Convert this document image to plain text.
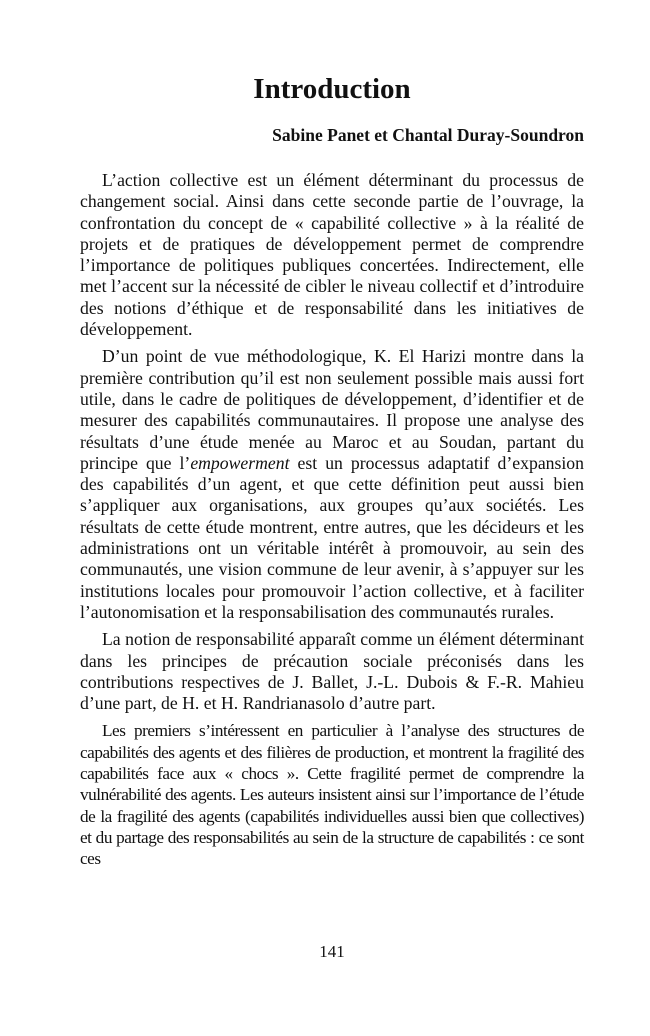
Introduction

Sabine Panet et Chantal Duray-Soundron

L’action collective est un élément déterminant du processus de changement social. Ainsi dans cette seconde partie de l’ouvrage, la confrontation du concept de « capabilité collective » à la réalité de projets et de pratiques de développement permet de comprendre l’importance de politiques publiques concertées. Indirectement, elle met l’accent sur la nécessité de cibler le niveau collectif et d’introduire des notions d’éthique et de responsabilité dans les initiatives de développement.

D’un point de vue méthodologique, K. El Harizi montre dans la première contribution qu’il est non seulement possible mais aussi fort utile, dans le cadre de politiques de développement, d’identifier et de mesurer des capabilités communautaires. Il propose une analyse des résultats d’une étude menée au Maroc et au Soudan, partant du principe que l’empowerment est un processus adaptatif d’expansion des capabilités d’un agent, et que cette définition peut aussi bien s’appliquer aux organisations, aux groupes qu’aux sociétés. Les résultats de cette étude montrent, entre autres, que les décideurs et les administrations ont un véritable intérêt à promouvoir, au sein des communautés, une vision commune de leur avenir, à s’appuyer sur les institutions locales pour promouvoir l’action collective, et à faciliter l’autonomisation et la responsabilisation des communautés rurales.

La notion de responsabilité apparaît comme un élément déterminant dans les principes de précaution sociale préconisés dans les contributions respectives de J. Ballet, J.-L. Dubois & F.-R. Mahieu d’une part, de H. et H. Randrianasolo d’autre part.

Les premiers s’intéressent en particulier à l’analyse des structures de capabilités des agents et des filières de production, et montrent la fragilité des capabilités face aux « chocs ». Cette fragilité permet de comprendre la vulnérabilité des agents. Les auteurs insistent ainsi sur l’importance de l’étude de la fragilité des agents (capabilités individuelles aussi bien que collectives) et du partage des responsabilités au sein de la structure de capabilités : ce sont ces

141
